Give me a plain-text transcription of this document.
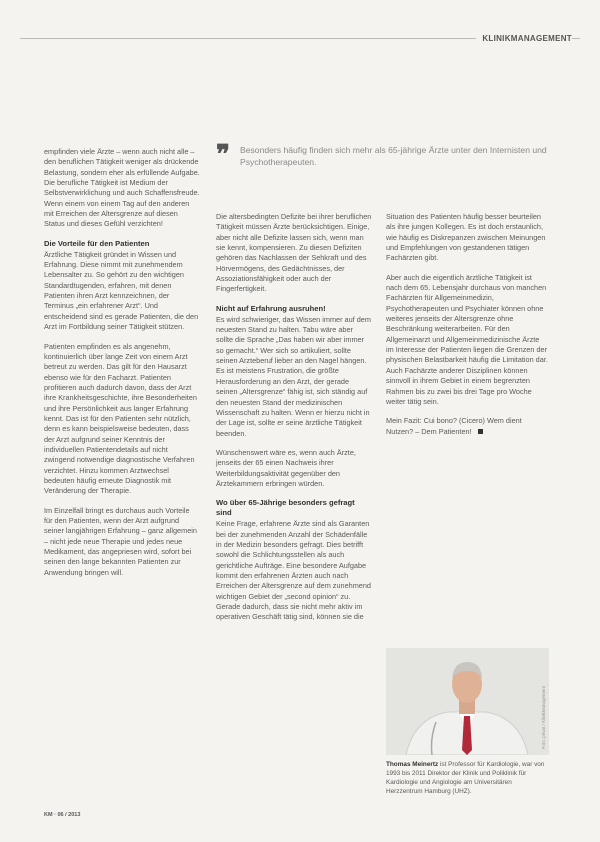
KLINIKMANAGEMENT
❞ Besonders häufig finden sich mehr als 65-jährige Ärzte unter den Internisten und Psychotherapeuten.

empfinden viele Ärzte – wenn auch nicht alle – den beruflichen Tätigkeit weniger als drückende Belastung, sondern eher als erfüllende Aufgabe. Die berufliche Tätigkeit ist Medium der Selbstverwirklichung und auch Schaffensfreude. Wenn einem von einem Tag auf den anderen mit Erreichen der Altersgrenze auf diesen Status und dieses Gefühl verzichten!

Die Vorteile für den Patienten

Ärztliche Tätigkeit gründet in Wissen und Erfahrung. Diese nimmt mit zunehmendem Lebensalter zu. So gehört zu den wichtigen Standardtugenden, erfahren, mit denen Patienten ihren Arzt kennzeichnen, der Terminus „ein erfahrener Arzt“. Und entscheidend sind es gerade Patienten, die den Arzt im Fortbildung seiner Tätigkeit stützen.

Patienten empfinden es als angenehm, kontinuierlich über lange Zeit von einem Arzt betreut zu werden. Das gilt für den Hausarzt ebenso wie für den Facharzt. Patienten profitieren auch dadurch davon, dass der Arzt ihre Krankheitsgeschichte, ihre Besonderheiten und ihre Persönlichkeit aus langer Erfahrung kennt. Das ist für den Patienten sehr nützlich, denn es kann beispielsweise bedeuten, dass der Arzt aufgrund seiner Kenntnis der individuellen Patientendetails auf nicht zwingend notwendige diagnostische Verfahren verzichtet. Hinzu kommen Arztwechsel bedeuten häufig erneute Diagnostik mit Veränderung der Therapie.

Im Einzelfall bringt es durchaus auch Vorteile für den Patienten, wenn der Arzt aufgrund seiner langjährigen Erfahrung – ganz allgemein – nicht jede neue Therapie und jedes neue Medikament, das angepriesen wird, sofort bei seinen den lange bekannten Patienten zur Anwendung bringen will.

Die altersbedingten Defizite bei ihrer beruflichen Tätigkeit müssen Ärzte berücksichtigen. Einige, aber nicht alle Defizite lassen sich, wenn man sie kennt, kompensieren. Zu diesen Defiziten gehören das Nachlassen der Sehkraft und des Hörvermögens, des Gedächtnisses, der Assoziationsfähigkeit oder auch der Fingerfertigkeit.

Nicht auf Erfahrung ausruhen!

Es wird schwieriger, das Wissen immer auf dem neuesten Stand zu halten. Tabu wäre aber sollte die Sprache „Das haben wir aber immer so gemacht.“ Wer sich so artikuliert, sollte seinen Arzteberuf lieber an den Nagel hängen. Es ist meistens Frustration, die größte Herausforderung an den Arzt, der gerade seinen „Altersgrenze“ fähig ist, sich ständig auf den neuesten Stand der medizinischen Wissenschaft zu halten. Wenn er hierzu nicht in der Lage ist, sollte er seine ärztliche Tätigkeit beenden.

Wünschenswert wäre es, wenn auch Ärzte, jenseits der 65 einen Nachweis ihrer Weiterbildungsaktivität gegenüber den Ärztekammern erbringen würden.

Wo über 65-Jährige besonders gefragt sind

Keine Frage, erfahrene Ärzte sind als Garanten bei der zunehmenden Anzahl der Schädenfälle in der Medizin besonders gefragt. Dies betrifft sowohl die Schlichtungsstellen als auch gerichtliche Aufträge. Eine besondere Aufgabe kommt den erfahrenen Ärzten auch nach Erreichen der Altersgrenze auf dem zunehmend wichtigen Gebiet der „second opinion“ zu. Gerade dadurch, dass sie nicht mehr aktiv im operativen Geschäft tätig sind, können sie die

Situation des Patienten häufig besser beurteilen als ihre jungen Kollegen. Es ist doch erstaunlich, wie häufig es Diskrepanzen zwischen Meinungen und Empfehlungen von gestandenen tätigen Fachärzten gibt.

Aber auch die eigentlich ärztliche Tätigkeit ist nach dem 65. Lebensjahr durchaus von manchen Fachärzten für Allgemeinmedizin, Psychotherapeuten und Psychiater können ohne weiteres jenseits der Altersgrenze ohne Beschränkung weiterarbeiten. Für den Allgemeinarzt und Allgemeinmedizinische Ärzte im Interesse der Patienten liegen die Grenzen der physischen Belastbarkeit häufig die Limitation dar. Auch Fachärzte anderer Disziplinen können sinnvoll in ihrem Gebiet in einem begrenzten Rahmen bis zu zwei bis drei Tage pro Woche weiter tätig sein.

Mein Fazit: Cui bono? (Cicero) Wem dient Nutzen? – Dem Patienten!

Foto: privat / KlinikManagement
Thomas Meinertz ist Professor für Kardiologie, war von 1993 bis 2011 Direktor der Klinik und Poliklinik für Kardiologie und Angiologie am Universitären Herzzentrum Hamburg (UHZ).
KM · 06 / 2013
